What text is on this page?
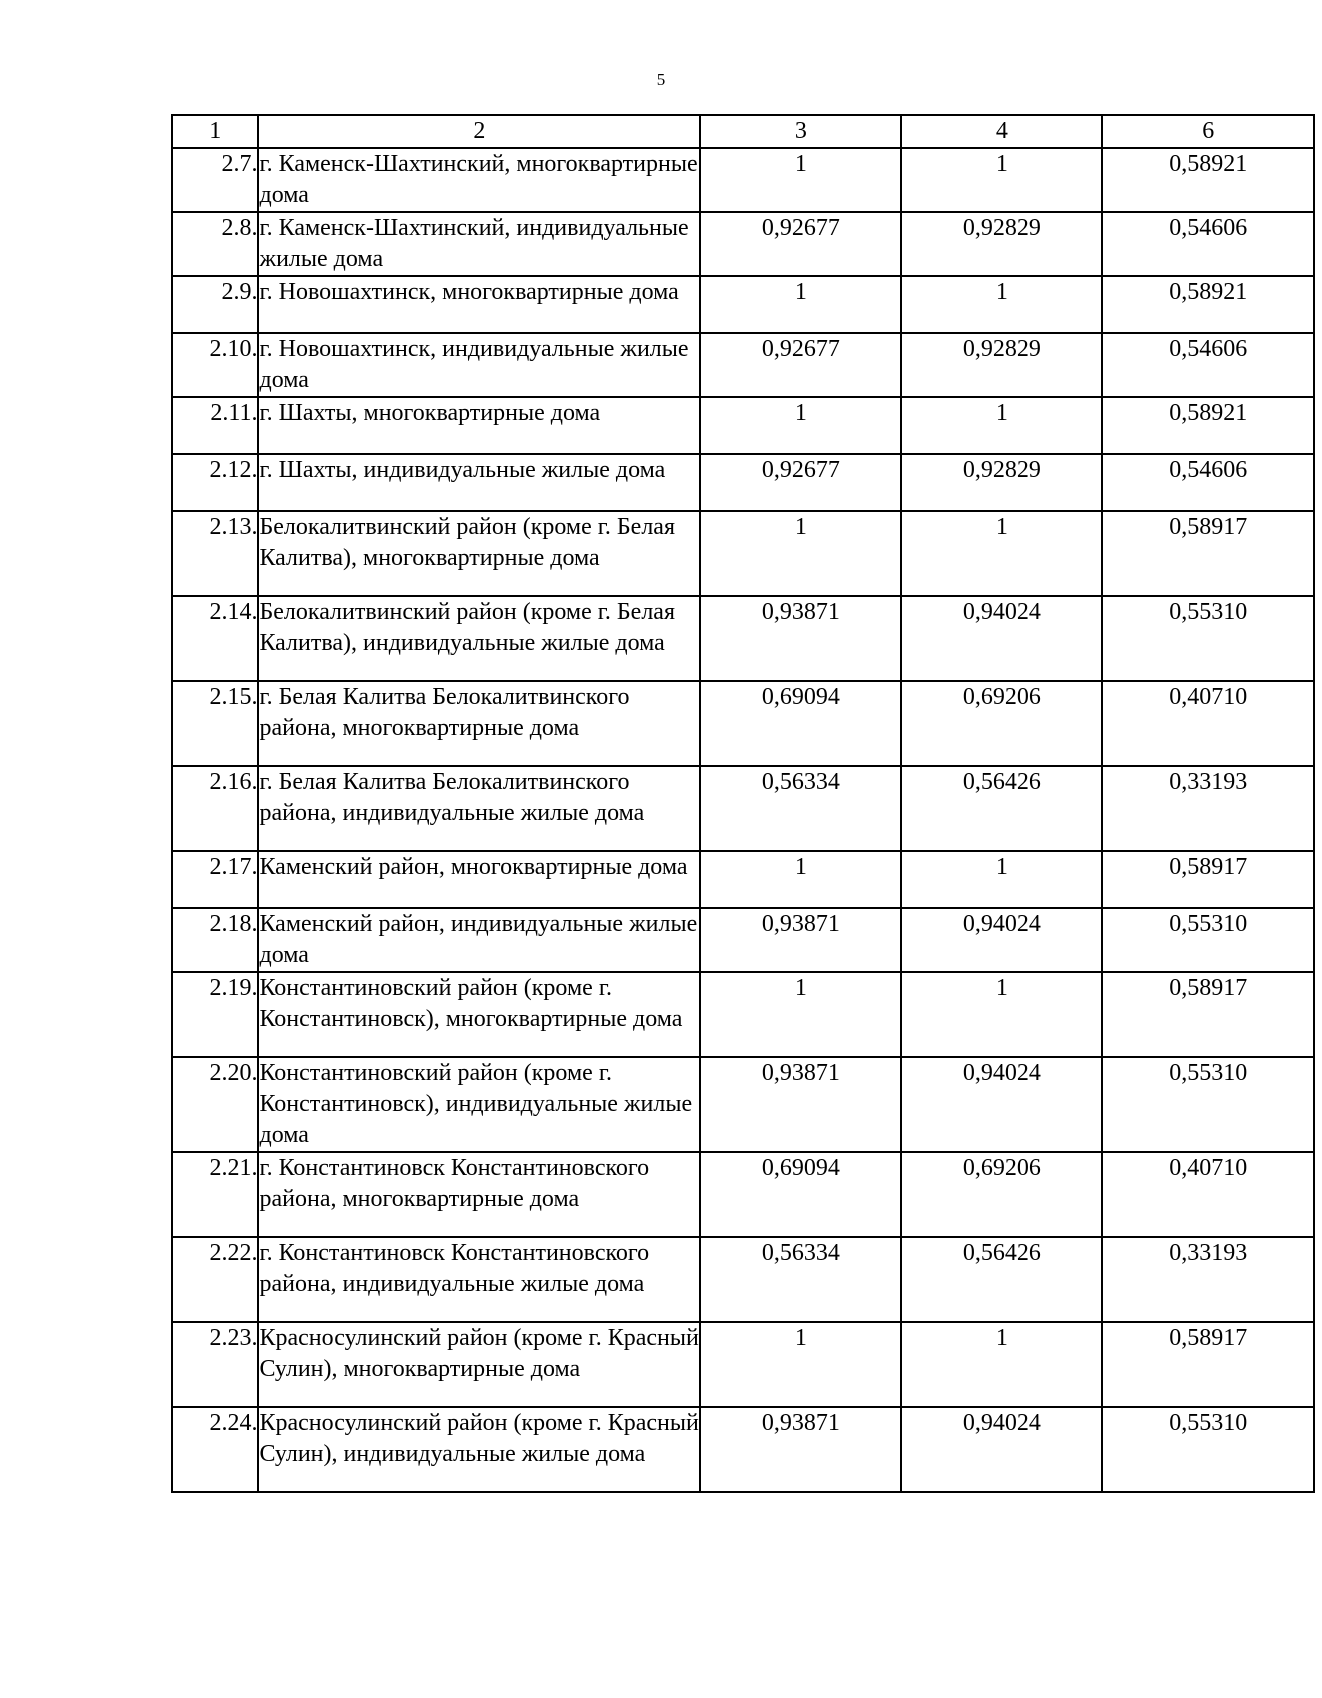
5
1	2	3	4	6
2.7.	г. Каменск-Шахтинский, многоквартирные дома	1	1	0,58921
2.8.	г. Каменск-Шахтинский, индивидуальные жилые дома	0,92677	0,92829	0,54606
2.9.	г. Новошахтинск, многоквартирные дома	1	1	0,58921
2.10.	г. Новошахтинск, индивидуальные жилые дома	0,92677	0,92829	0,54606
2.11.	г. Шахты, многоквартирные дома	1	1	0,58921
2.12.	г. Шахты, индивидуальные жилые дома	0,92677	0,92829	0,54606
2.13.	Белокалитвинский район (кроме г. Белая Калитва), многоквартирные дома	1	1	0,58917
2.14.	Белокалитвинский район (кроме г. Белая Калитва), индивидуальные жилые дома	0,93871	0,94024	0,55310
2.15.	г. Белая Калитва Белокалитвинского района, многоквартирные дома	0,69094	0,69206	0,40710
2.16.	г. Белая Калитва Белокалитвинского района, индивидуальные жилые дома	0,56334	0,56426	0,33193
2.17.	Каменский район, многоквартирные дома	1	1	0,58917
2.18.	Каменский район, индивидуальные жилые дома	0,93871	0,94024	0,55310
2.19.	Константиновский район (кроме г. Константиновск), многоквартирные дома	1	1	0,58917
2.20.	Константиновский район (кроме г. Константиновск), индивидуальные жилые дома	0,93871	0,94024	0,55310
2.21.	г. Константиновск Константиновского района, многоквартирные дома	0,69094	0,69206	0,40710
2.22.	г. Константиновск Константиновского района, индивидуальные жилые дома	0,56334	0,56426	0,33193
2.23.	Красносулинский район (кроме г. Красный Сулин), многоквартирные дома	1	1	0,58917
2.24.	Красносулинский район (кроме г. Красный Сулин), индивидуальные жилые дома	0,93871	0,94024	0,55310
